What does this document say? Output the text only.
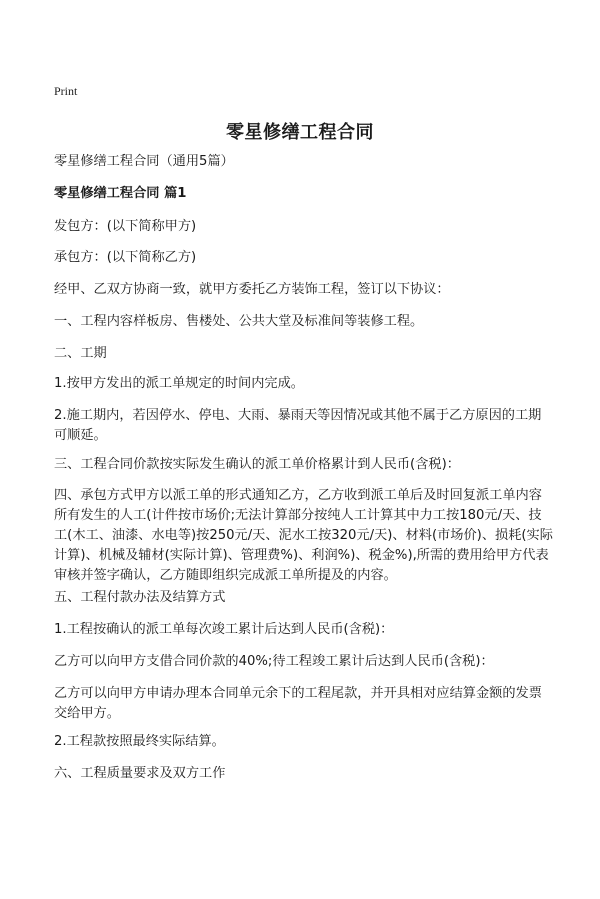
Print
零星修缮工程合同
零星修缮工程合同（通用5篇）
零星修缮工程合同 篇1
发包方：(以下简称甲方)
承包方：(以下简称乙方)
经甲、乙双方协商一致，就甲方委托乙方装饰工程，签订以下协议：
一、工程内容样板房、售楼处、公共大堂及标准间等装修工程。
二、工期
1.按甲方发出的派工单规定的时间内完成。
2.施工期内，若因停水、停电、大雨、暴雨天等因情况或其他不属于乙方原因的工期可顺延。
三、工程合同价款按实际发生确认的派工单价格累计到人民币(含税)：
四、承包方式甲方以派工单的形式通知乙方，乙方收到派工单后及时回复派工单内容所有发生的人工(计件按市场价;无法计算部分按纯人工计算其中力工按180元/天、技工(木工、油漆、水电等)按250元/天、泥水工按320元/天)、材料(市场价)、损耗(实际计算)、机械及辅材(实际计算)、管理费%)、利润%)、税金%),所需的费用给甲方代表审核并签字确认，乙方随即组织完成派工单所提及的内容。
五、工程付款办法及结算方式
1.工程按确认的派工单每次竣工累计后达到人民币(含税)：
乙方可以向甲方支借合同价款的40%;待工程竣工累计后达到人民币(含税)：
乙方可以向甲方申请办理本合同单元余下的工程尾款，并开具相对应结算金额的发票交给甲方。
2.工程款按照最终实际结算。
六、工程质量要求及双方工作
